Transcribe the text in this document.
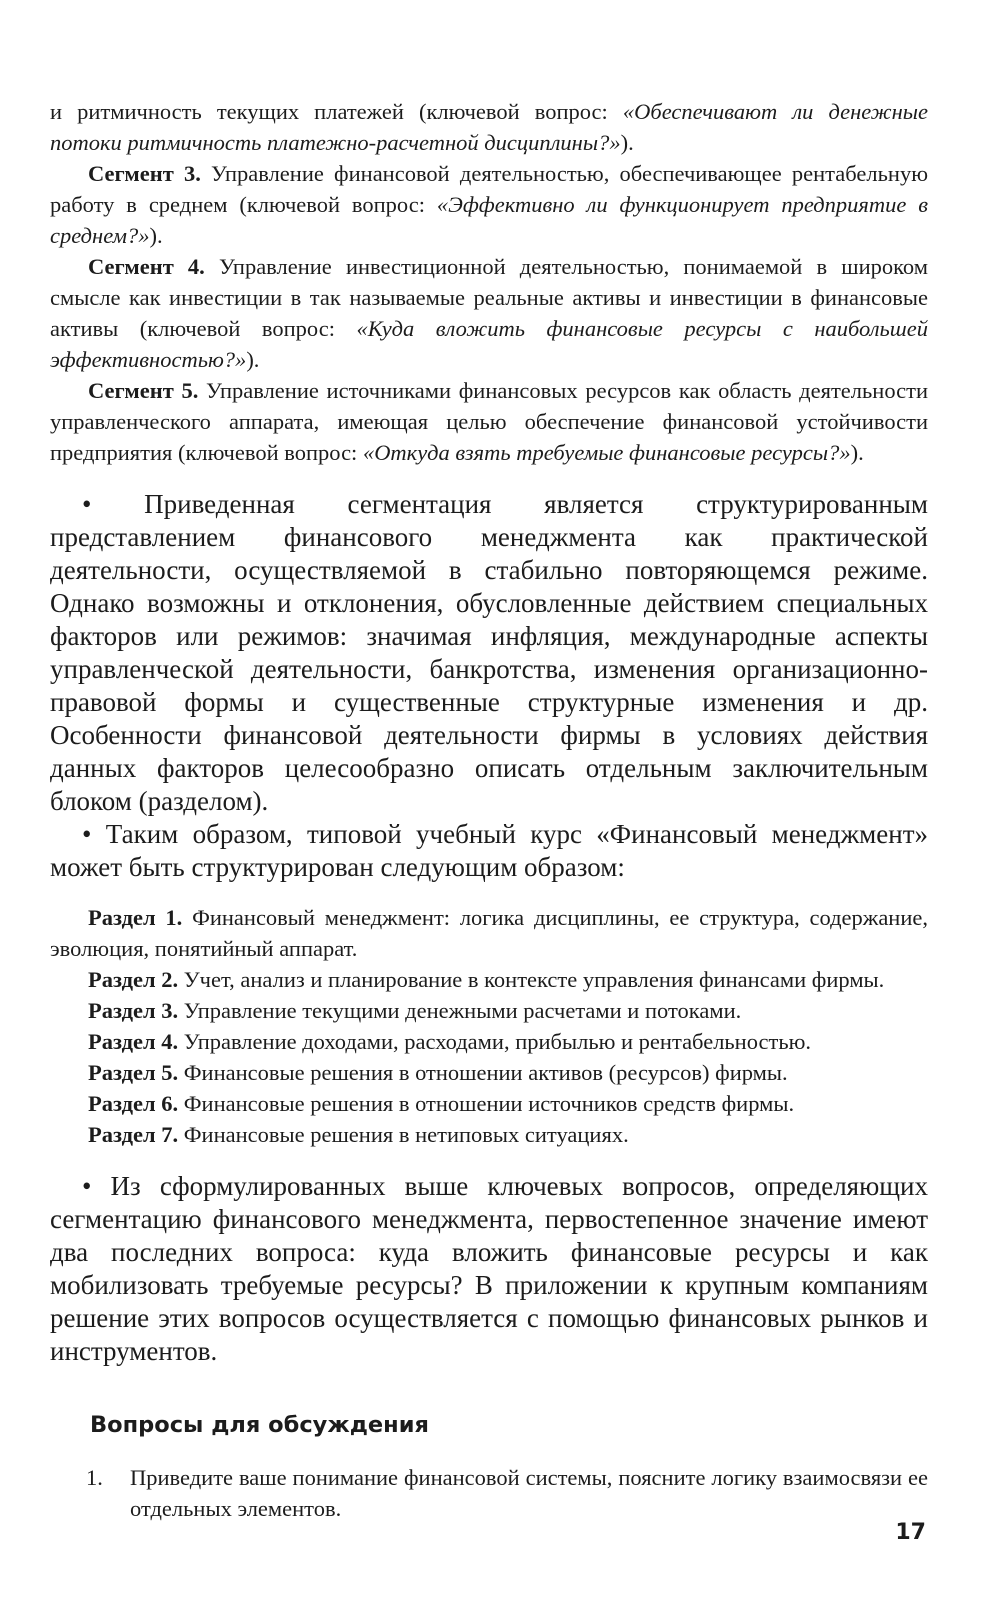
и ритмичность текущих платежей (ключевой вопрос: «Обеспечивают ли денежные потоки ритмичность платежно-расчетной дисциплины?»).

Сегмент 3. Управление финансовой деятельностью, обеспечивающее рентабельную работу в среднем (ключевой вопрос: «Эффективно ли функционирует предприятие в среднем?»).

Сегмент 4. Управление инвестиционной деятельностью, понимаемой в широком смысле как инвестиции в так называемые реальные активы и инвестиции в финансовые активы (ключевой вопрос: «Куда вложить финансовые ресурсы с наибольшей эффективностью?»).

Сегмент 5. Управление источниками финансовых ресурсов как область деятельности управленческого аппарата, имеющая целью обеспечение финансовой устойчивости предприятия (ключевой вопрос: «Откуда взять требуемые финансовые ресурсы?»).

• Приведенная сегментация является структурированным представлением финансового менеджмента как практической деятельности, осуществляемой в стабильно повторяющемся режиме. Однако возможны и отклонения, обусловленные действием специальных факторов или режимов: значимая инфляция, международные аспекты управленческой деятельности, банкротства, изменения организационно-правовой формы и существенные структурные изменения и др. Особенности финансовой деятельности фирмы в условиях действия данных факторов целесообразно описать отдельным заключительным блоком (разделом).

• Таким образом, типовой учебный курс «Финансовый менеджмент» может быть структурирован следующим образом:

Раздел 1. Финансовый менеджмент: логика дисциплины, ее структура, содержание, эволюция, понятийный аппарат.

Раздел 2. Учет, анализ и планирование в контексте управления финансами фирмы.

Раздел 3. Управление текущими денежными расчетами и потоками.

Раздел 4. Управление доходами, расходами, прибылью и рентабельностью.

Раздел 5. Финансовые решения в отношении активов (ресурсов) фирмы.

Раздел 6. Финансовые решения в отношении источников средств фирмы.

Раздел 7. Финансовые решения в нетиповых ситуациях.

• Из сформулированных выше ключевых вопросов, определяющих сегментацию финансового менеджмента, первостепенное значение имеют два последних вопроса: куда вложить финансовые ресурсы и как мобилизовать требуемые ресурсы? В приложении к крупным компаниям решение этих вопросов осуществляется с помощью финансовых рынков и инструментов.

Вопросы для обсуждения
1.	Приведите ваше понимание финансовой системы, поясните логику взаимосвязи ее отдельных элементов.
17
